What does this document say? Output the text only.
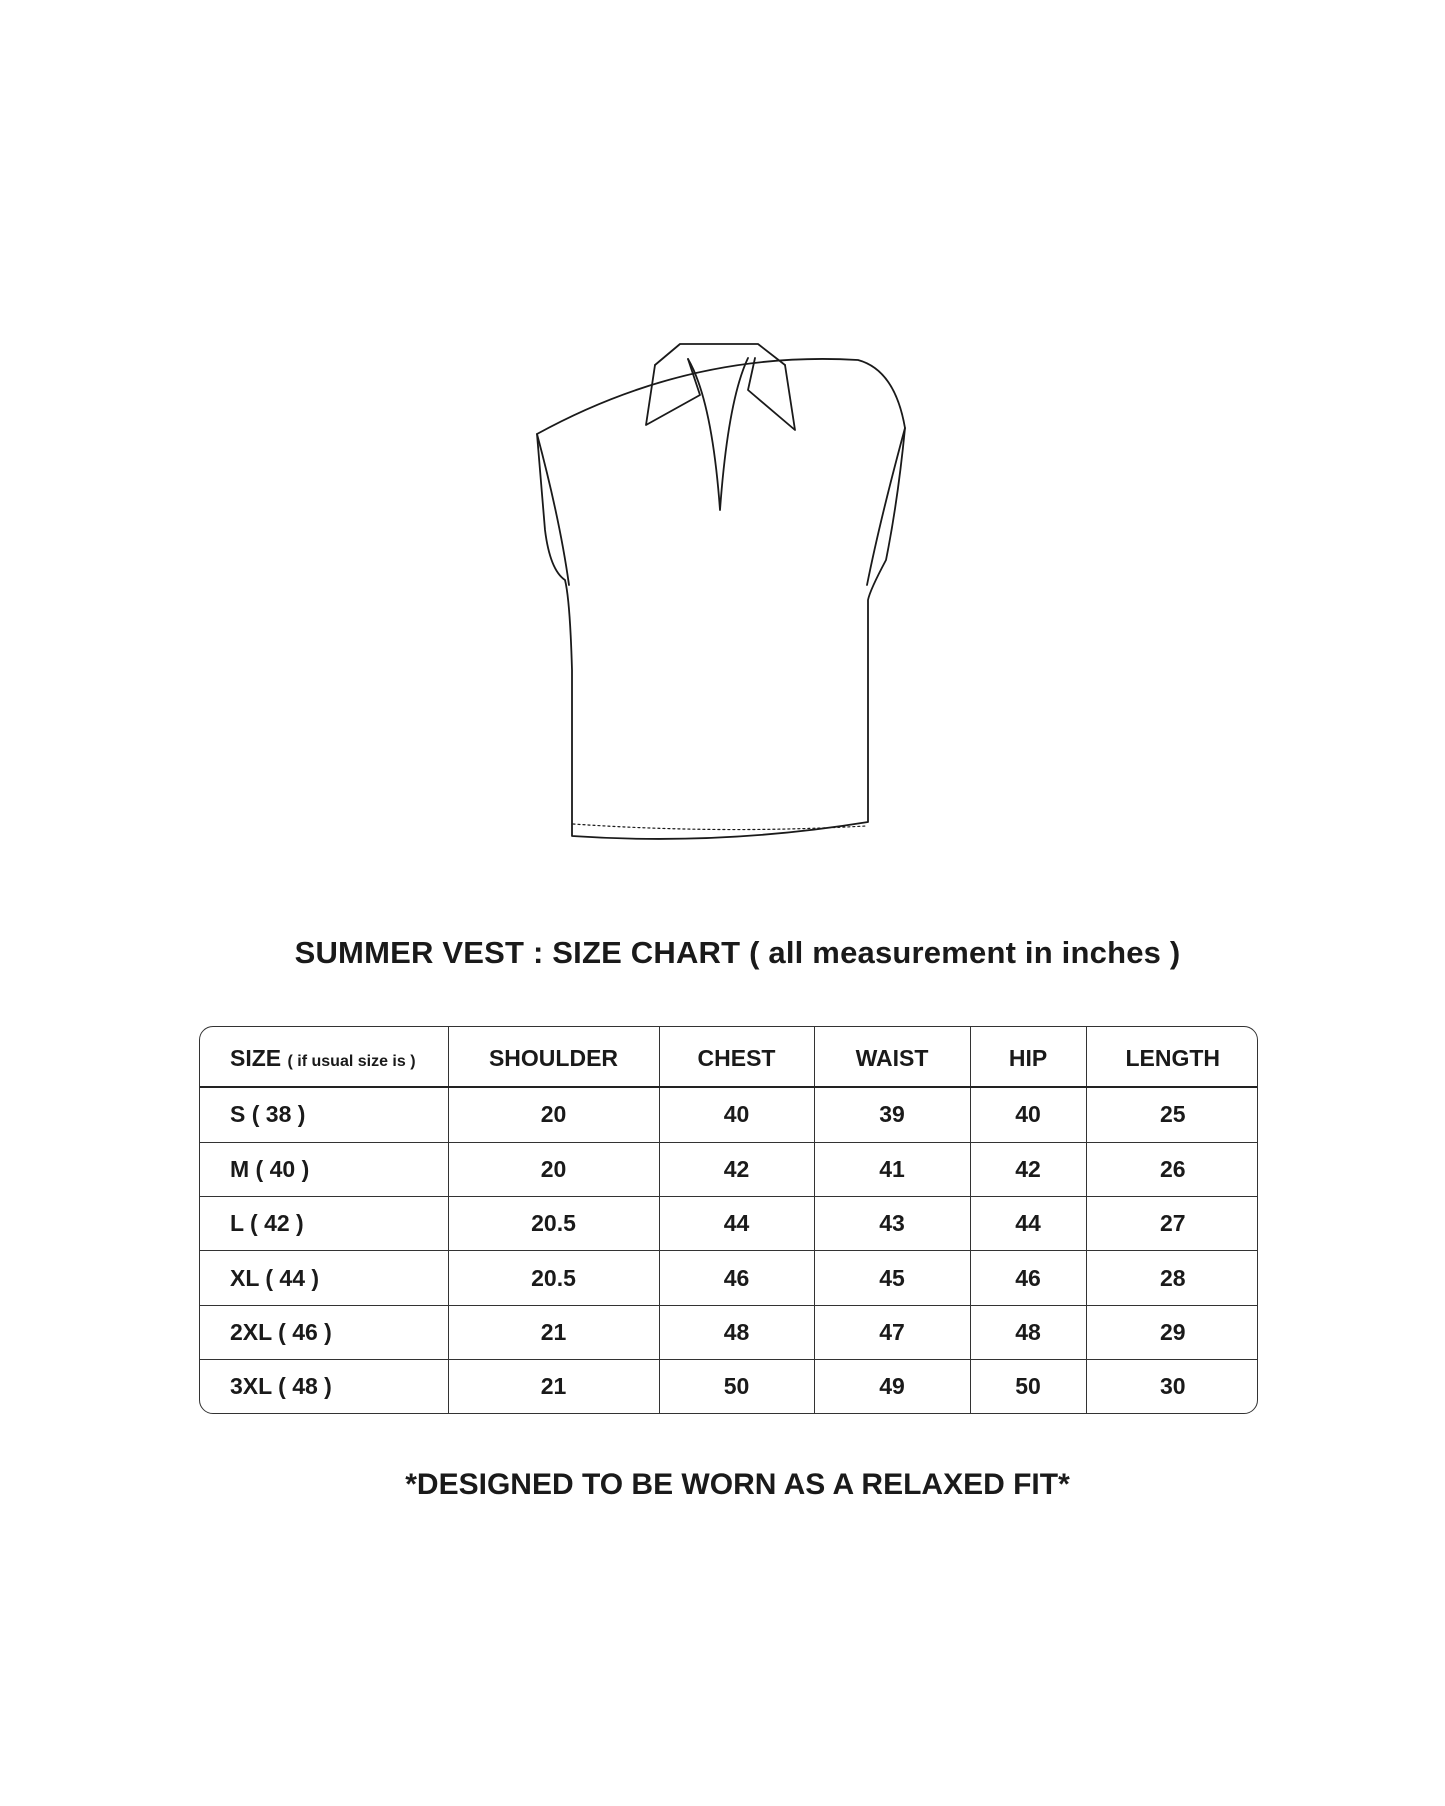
SUMMER VEST : SIZE CHART ( all measurement in inches )
SIZE ( if usual size is )	SHOULDER	CHEST	WAIST	HIP	LENGTH
S ( 38 )	20	40	39	40	25
M ( 40 )	20	42	41	42	26
L ( 42 )	20.5	44	43	44	27
XL ( 44 )	20.5	46	45	46	28
2XL ( 46 )	21	48	47	48	29
3XL ( 48 )	21	50	49	50	30
*DESIGNED TO BE WORN AS A RELAXED FIT*
